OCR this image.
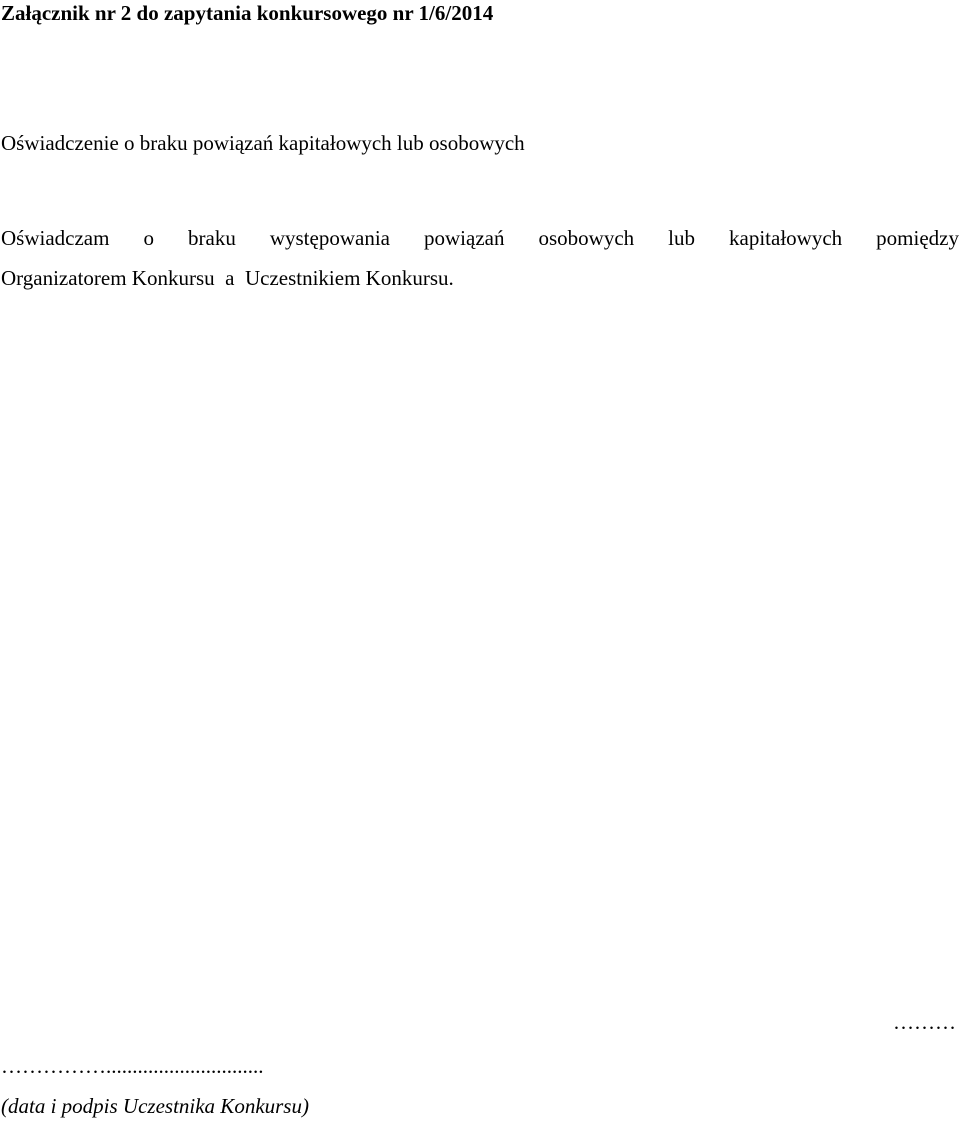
Załącznik nr 2 do zapytania konkursowego nr 1/6/2014
Oświadczenie o braku powiązań kapitałowych lub osobowych
Oświadczam o braku występowania powiązań osobowych lub kapitałowych pomiędzy
Organizatorem Konkursu  a  Uczestnikiem Konkursu.
………
……………..............................
(data i podpis Uczestnika Konkursu)
